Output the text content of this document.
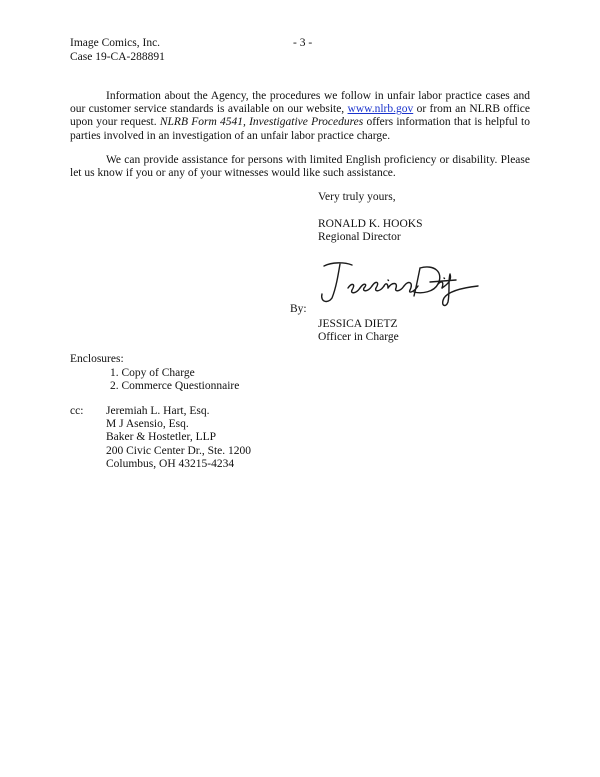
Image Comics, Inc.
Case 19-CA-288891
- 3 -
Information about the Agency, the procedures we follow in unfair labor practice cases and
our customer service standards is available on our website, www.nlrb.gov or from an NLRB office
upon your request. NLRB Form 4541, Investigative Procedures offers information that is helpful to
parties involved in an investigation of an unfair labor practice charge.
We can provide assistance for persons with limited English proficiency or disability. Please
let us know if you or any of your witnesses would like such assistance.
Very truly yours,
RONALD K. HOOKS
Regional Director
By:
JESSICA DIETZ
Officer in Charge
Enclosures:
1. Copy of Charge
2. Commerce Questionnaire
cc: Jeremiah L. Hart, Esq.
M J Asensio, Esq.
Baker & Hostetler, LLP
200 Civic Center Dr., Ste. 1200
Columbus, OH 43215-4234
